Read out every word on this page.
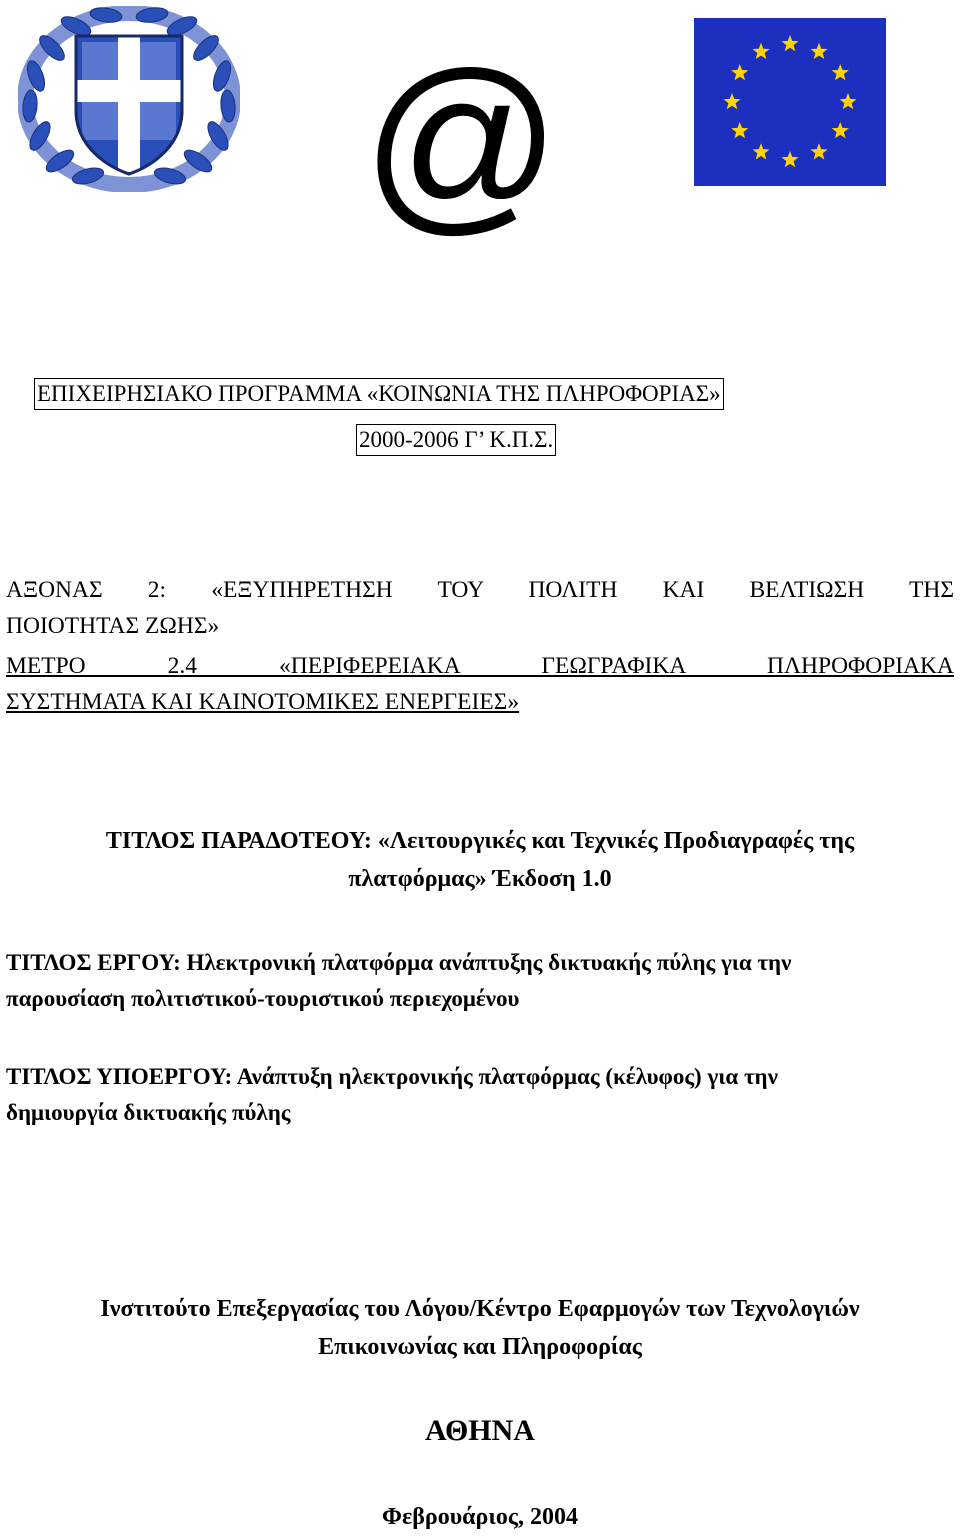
@
ΕΠΙΧΕΙΡΗΣΙΑΚΟ ΠΡΟΓΡΑΜΜΑ «ΚΟΙΝΩΝΙΑ ΤΗΣ ΠΛΗΡΟΦΟΡΙΑΣ»
2000-2006 Γ’ Κ.Π.Σ.
ΑΞΟΝΑΣ 2: «ΕΞΥΠΗΡΕΤΗΣΗ ΤΟΥ ΠΟΛΙΤΗ ΚΑΙ ΒΕΛΤΙΩΣΗ ΤΗΣ
ΠΟΙΟΤΗΤΑΣ ΖΩΗΣ»
ΜΕΤΡΟ 2.4 «ΠΕΡΙΦΕΡΕΙΑΚΑ ΓΕΩΓΡΑΦΙΚΑ ΠΛΗΡΟΦΟΡΙΑΚΑ
ΣΥΣΤΗΜΑΤΑ ΚΑΙ ΚΑΙΝΟΤΟΜΙΚΕΣ ΕΝΕΡΓΕΙΕΣ»
ΤΙΤΛΟΣ ΠΑΡΑΔΟΤΕΟΥ: «Λειτουργικές και Τεχνικές Προδιαγραφές της
πλατφόρμας» Έκδοση 1.0
ΤΙΤΛΟΣ ΕΡΓΟΥ: Ηλεκτρονική πλατφόρμα ανάπτυξης δικτυακής πύλης για την
παρουσίαση πολιτιστικού-τουριστικού περιεχομένου
ΤΙΤΛΟΣ ΥΠΟΕΡΓΟΥ: Ανάπτυξη ηλεκτρονικής πλατφόρμας (κέλυφος) για την
δημιουργία δικτυακής πύλης
Ινστιτούτο Επεξεργασίας του Λόγου/Κέντρο Εφαρμογών των Τεχνολογιών
Επικοινωνίας και Πληροφορίας
ΑΘΗΝΑ
Φεβρουάριος, 2004
